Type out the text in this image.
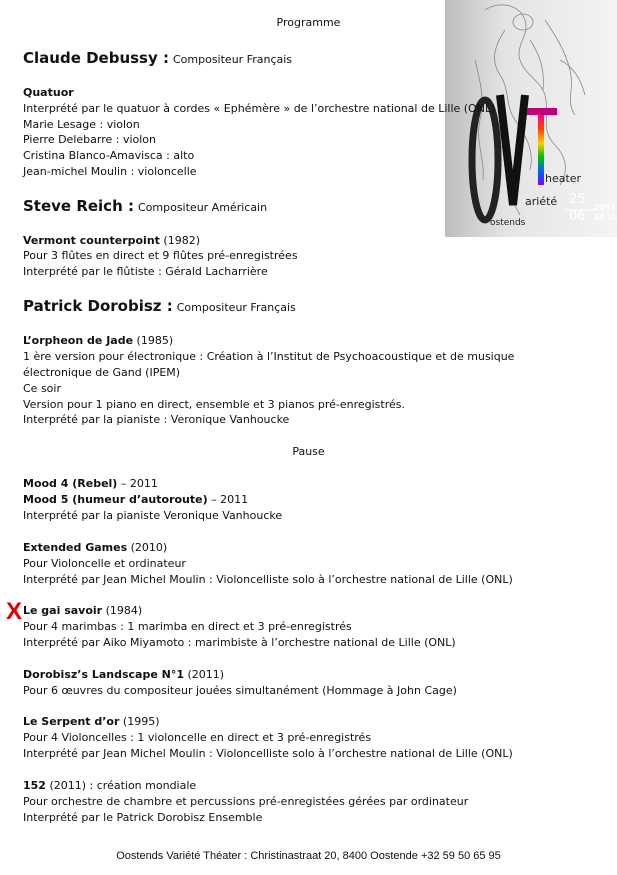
Programme
heater
ariété
ostends
25
06
2011
20 U.
Claude Debussy : Compositeur Français
Quatuor
Interprété par le quatuor à cordes « Ephémère » de l’orchestre national de Lille (ONL)
Marie Lesage : violon
Pierre Delebarre : violon
Cristina Blanco-Amavisca : alto
Jean-michel Moulin : violoncelle
Steve Reich : Compositeur Américain
Vermont counterpoint (1982)
Pour 3 flûtes en direct et 9 flûtes pré-enregistrées
Interprété par le flûtiste : Gérald Lacharrière
Patrick Dorobisz : Compositeur Français
L’orpheon de Jade (1985)
1 ère version pour électronique : Création à l’Institut de Psychoacoustique et de musique
électronique de Gand (IPEM)
Ce soir
Version pour 1 piano en direct, ensemble et 3 pianos pré-enregistrés.
Interprété par la pianiste : Veronique Vanhoucke
Pause
Mood 4 (Rebel) – 2011
Mood 5 (humeur d’autoroute) – 2011
Interprété par la pianiste Veronique Vanhoucke
Extended Games (2010)
Pour Violoncelle et ordinateur
Interprété par Jean Michel Moulin : Violoncelliste solo à l’orchestre national de Lille (ONL)
X Le gai savoir (1984)
Pour 4 marimbas : 1 marimba en direct et 3 pré-enregistrés
Interprété par Aiko Miyamoto : marimbiste à l’orchestre national de Lille (ONL)
Dorobisz’s Landscape N°1 (2011)
Pour 6 œuvres du compositeur jouées simultanément (Hommage à John Cage)
Le Serpent d’or (1995)
Pour 4 Violoncelles : 1 violoncelle en direct et 3 pré-enregistrés
Interprété par Jean Michel Moulin : Violoncelliste solo à l’orchestre national de Lille (ONL)
152 (2011) : création mondiale
Pour orchestre de chambre et percussions pré-enregistées gérées par ordinateur
Interprété par le Patrick Dorobisz Ensemble
Oostends Variété Théater : Christinastraat 20, 8400 Oostende +32 59 50 65 95
